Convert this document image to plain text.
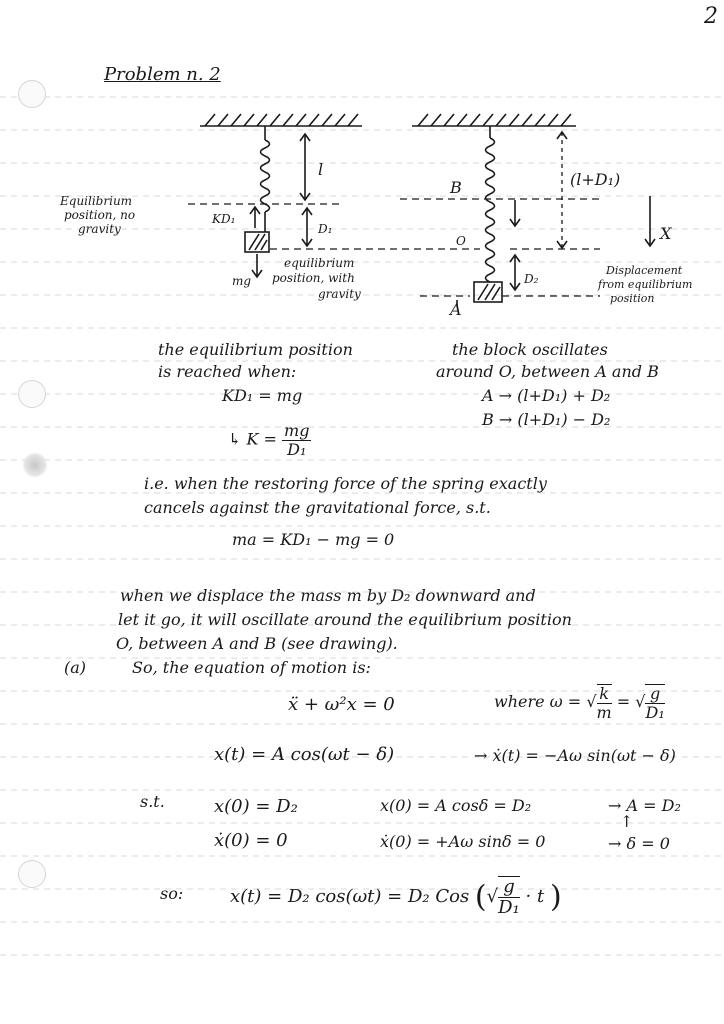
2
Problem n. 2
Equilibrium
position, no
gravity
l
KD₁
D₁
equilibrium
position, with
gravity
mg
B
O
A
(l+D₁)
D₂
X
Displacement
from equilibrium
position
the equilibrium position
is reached when:
KD₁ = mg
↳ $K = \frac{mg}{\text{D₁}}$
the block oscillates
around O, between A and B
A → (l+D₁) + D₂
B → (l+D₁) − D₂
i.e. when the restoring force of the spring exactly
cancels against the gravitational force, s.t.
ma = KD₁ − mg = 0
when we displace the mass m by D₂ downward and
let it go, it will oscillate around the equilibrium position
O, between A and B (see drawing).
(a)	So, the equation of motion is:
ẍ + ω²x = 0	where ω = √ $\frac{k}{m}$ = √ $\frac{g}{\text{D₁}}$
x(t) = A cos(ωt − δ)	→ ẋ(t) = −Aω sin(ωt − δ)
s.t.	x(0) = D₂
ẋ(0) = 0
x(0) = A cosδ = D₂
ẋ(0) = +Aω sinδ = 0
→ A = D₂
↑
→ δ = 0
so:	x(t) = D₂ cos(ωt) = D₂ Cos (√ $\frac{g}{\text{D₁}} \cdot t$ )
